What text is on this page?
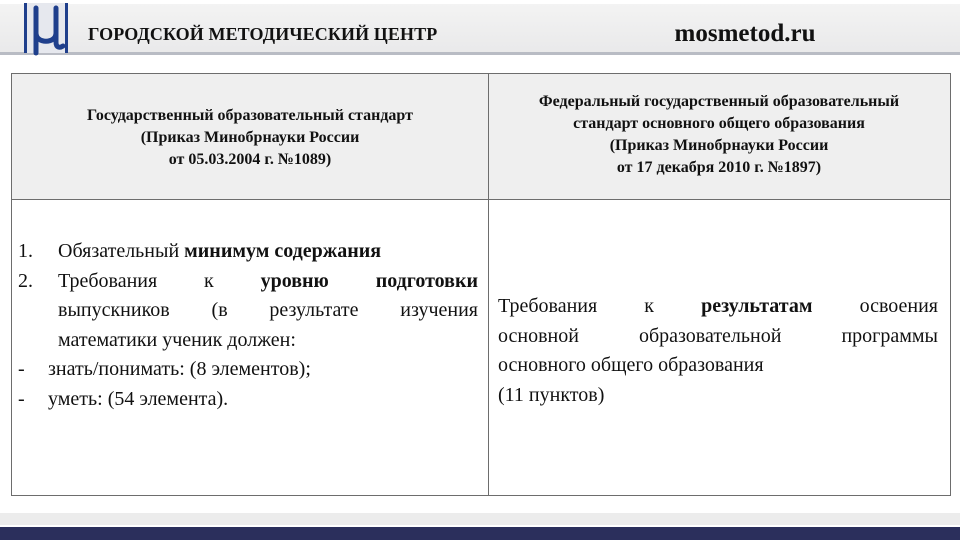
ГОРОДСКОЙ МЕТОДИЧЕСКИЙ ЦЕНТР	mosmetod.ru
Государственный образовательный стандарт
(Приказ Минобрнауки России
от 05.03.2004 г. №1089)
Федеральный государственный образовательный
стандарт основного общего образования
(Приказ Минобрнауки России
от 17 декабря 2010 г. №1897)
1. Обязательный минимум содержания
2. Требования к уровню подготовки
выпускников (в результате изучения
математики ученик должен:
- знать/понимать: (8 элементов);
- уметь: (54 элемента).
Требования к результатам освоения
основной образовательной программы
основного общего образования
(11 пунктов)
